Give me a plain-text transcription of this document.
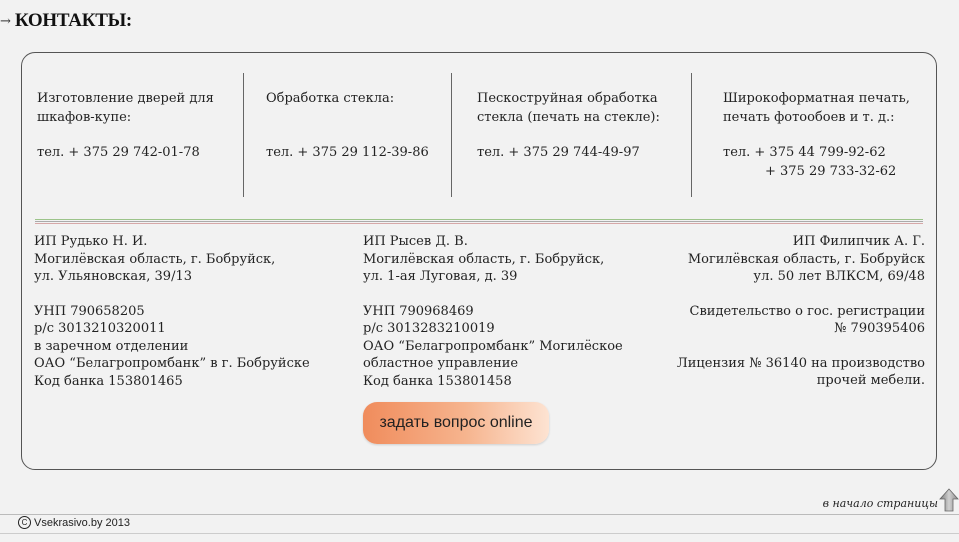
→ КОНТАКТЫ:
Изготовление дверей для
шкафов-купе:
тел. + 375 29 742-01-78
Обработка стекла:
тел. + 375 29 112-39-86
Пескоструйная обработка
стекла (печать на стекле):
тел. + 375 29 744-49-97
Широкоформатная печать,
печать фотообоев и т. д.:
тел. + 375 44 799-92-62
+ 375 29 733-32-62

ИП Рудько Н. И.

Могилёвская область, г. Бобруйск,

ул. Ульяновская, 39/13

УНП 790658205

р/с 3013210320011

в заречном отделении

ОАО “Белагропромбанк” в г. Бобруйске

Код банка 153801465

ИП Рысев Д. В.

Могилёвская область, г. Бобруйск,

ул. 1-ая Луговая, д. 39

УНП 790968469

р/с 3013283210019

ОАО “Белагропромбанк” Могилёское

областное управление

Код банка 153801458

ИП Филипчик А. Г.

Могилёвская область, г. Бобруйск

ул. 50 лет ВЛКСМ, 69/48

Свидетельство о гос. регистрации

№ 790395406

Лицензия № 36140 на производство

прочей мебели.

задать вопрос online
в начало страницы
C Vsekrasivo.by 2013
